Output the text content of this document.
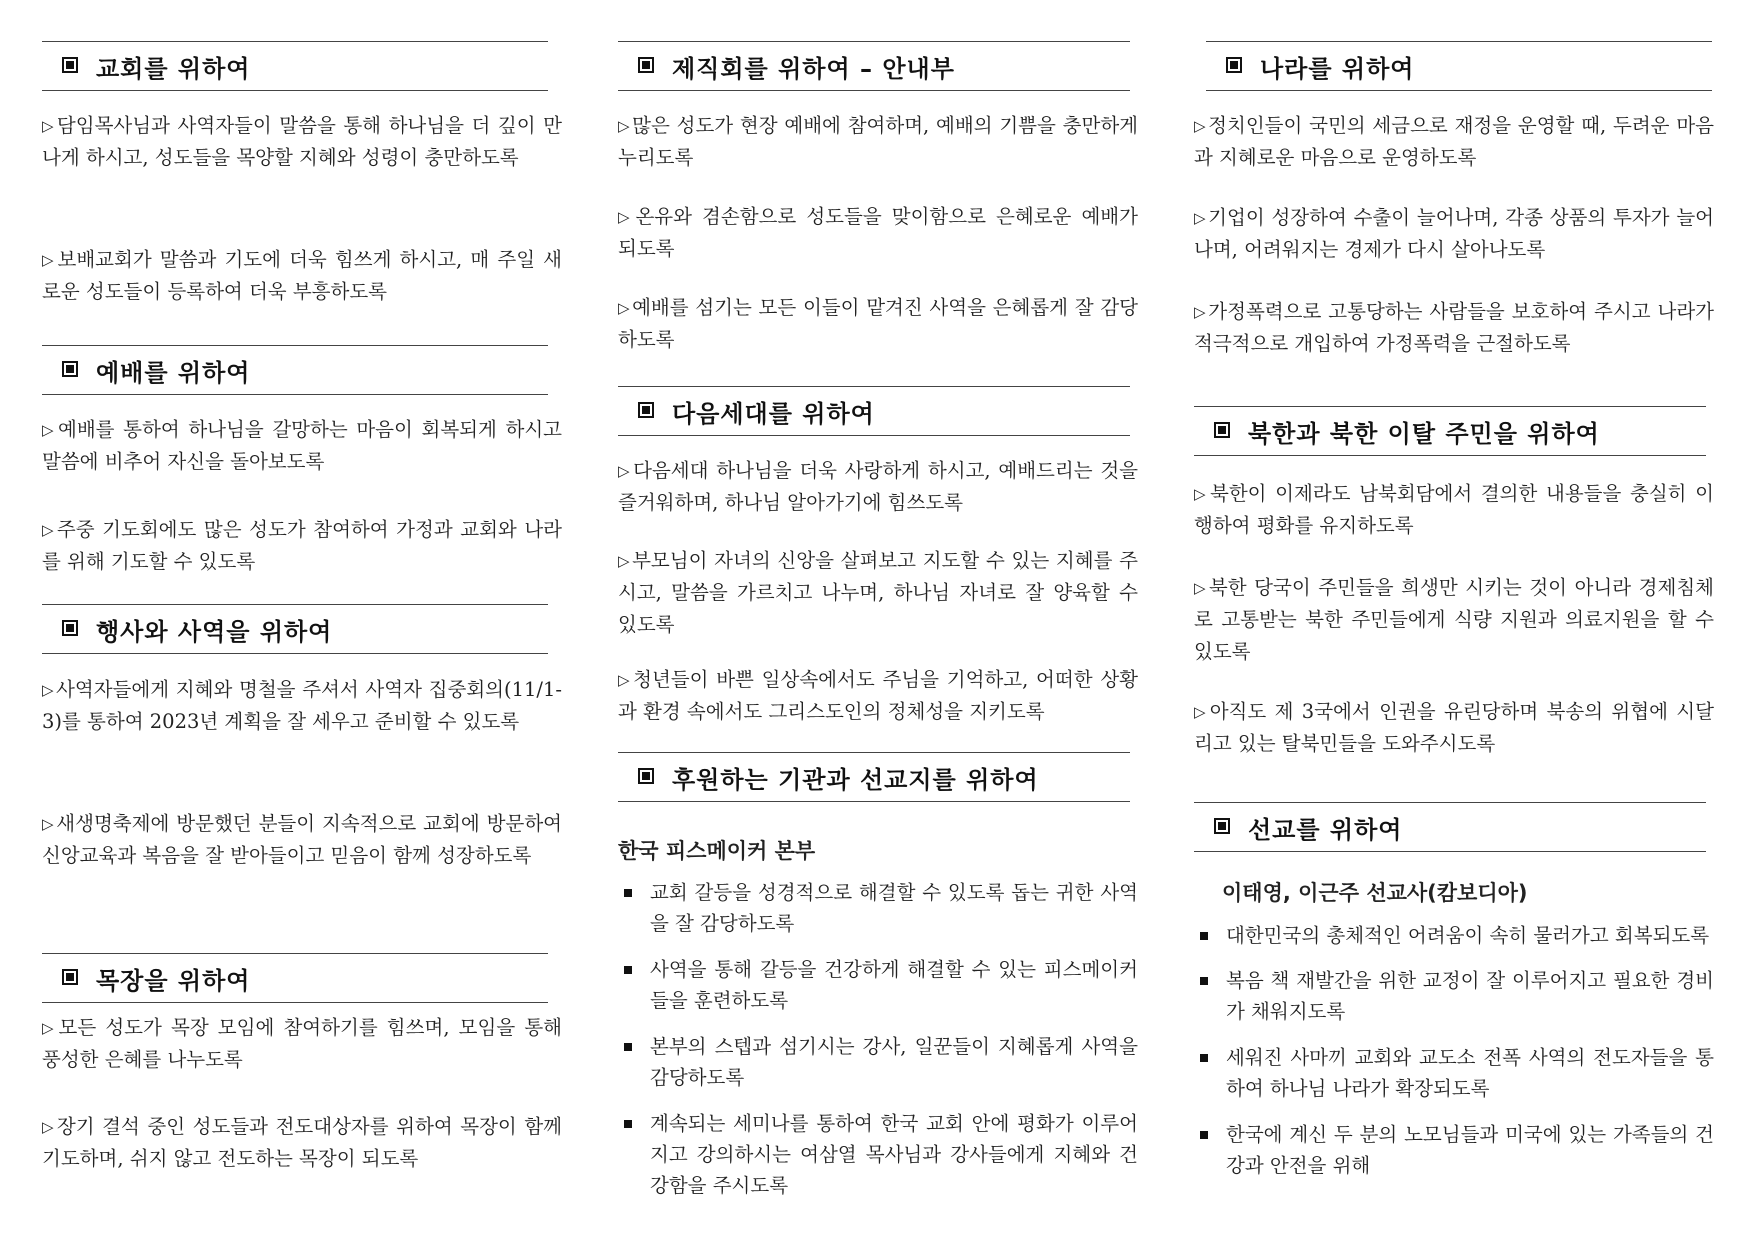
교회를 위하여
▷ 담임목사님과 사역자들이 말씀을 통해 하나님을 더 깊이 만나게 하시고, 성도들을 목양할 지혜와 성령이 충만하도록
▷ 보배교회가 말씀과 기도에 더욱 힘쓰게 하시고, 매 주일 새로운 성도들이 등록하여 더욱 부흥하도록
예배를 위하여
▷ 예배를 통하여 하나님을 갈망하는 마음이 회복되게 하시고 말씀에 비추어 자신을 돌아보도록
▷ 주중 기도회에도 많은 성도가 참여하여 가정과 교회와 나라를 위해 기도할 수 있도록
행사와 사역을 위하여
▷ 사역자들에게 지혜와 명철을 주셔서 사역자 집중회의(11/1-3)를 통하여 2023년 계획을 잘 세우고 준비할 수 있도록
▷ 새생명축제에 방문했던 분들이 지속적으로 교회에 방문하여 신앙교육과 복음을 잘 받아들이고 믿음이 함께 성장하도록
목장을 위하여
▷ 모든 성도가 목장 모임에 참여하기를 힘쓰며, 모임을 통해 풍성한 은혜를 나누도록
▷ 장기 결석 중인 성도들과 전도대상자를 위하여 목장이 함께 기도하며, 쉬지 않고 전도하는 목장이 되도록
제직회를 위하여 – 안내부
▷ 많은 성도가 현장 예배에 참여하며, 예배의 기쁨을 충만하게 누리도록
▷ 온유와 겸손함으로 성도들을 맞이함으로 은혜로운 예배가 되도록
▷ 예배를 섬기는 모든 이들이 맡겨진 사역을 은혜롭게 잘 감당하도록
다음세대를 위하여
▷ 다음세대 하나님을 더욱 사랑하게 하시고, 예배드리는 것을 즐거워하며, 하나님 알아가기에 힘쓰도록
▷ 부모님이 자녀의 신앙을 살펴보고 지도할 수 있는 지혜를 주시고, 말씀을 가르치고 나누며, 하나님 자녀로 잘 양육할 수 있도록
▷ 청년들이 바쁜 일상속에서도 주님을 기억하고, 어떠한 상황과 환경 속에서도 그리스도인의 정체성을 지키도록
후원하는 기관과 선교지를 위하여
한국 피스메이커 본부
교회 갈등을 성경적으로 해결할 수 있도록 돕는 귀한 사역을 잘 감당하도록
사역을 통해 갈등을 건강하게 해결할 수 있는 피스메이커들을 훈련하도록
본부의 스텝과 섬기시는 강사, 일꾼들이 지혜롭게 사역을 감당하도록
계속되는 세미나를 통하여 한국 교회 안에 평화가 이루어지고 강의하시는 여삼열 목사님과 강사들에게 지혜와 건강함을 주시도록
나라를 위하여
▷ 정치인들이 국민의 세금으로 재정을 운영할 때, 두려운 마음과 지혜로운 마음으로 운영하도록
▷ 기업이 성장하여 수출이 늘어나며, 각종 상품의 투자가 늘어나며, 어려워지는 경제가 다시 살아나도록
▷ 가정폭력으로 고통당하는 사람들을 보호하여 주시고 나라가 적극적으로 개입하여 가정폭력을 근절하도록
북한과 북한 이탈 주민을 위하여
▷ 북한이 이제라도 남북회담에서 결의한 내용들을 충실히 이행하여 평화를 유지하도록
▷ 북한 당국이 주민들을 희생만 시키는 것이 아니라 경제침체로 고통받는 북한 주민들에게 식량 지원과 의료지원을 할 수 있도록
▷ 아직도 제 3국에서 인권을 유린당하며 북송의 위협에 시달리고 있는 탈북민들을 도와주시도록
선교를 위하여
이태영, 이근주 선교사(캄보디아)
대한민국의 총체적인 어려움이 속히 물러가고 회복되도록
복음 책 재발간을 위한 교정이 잘 이루어지고 필요한 경비가 채워지도록
세워진 사마끼 교회와 교도소 전폭 사역의 전도자들을 통하여 하나님 나라가 확장되도록
한국에 계신 두 분의 노모님들과 미국에 있는 가족들의 건강과 안전을 위해
